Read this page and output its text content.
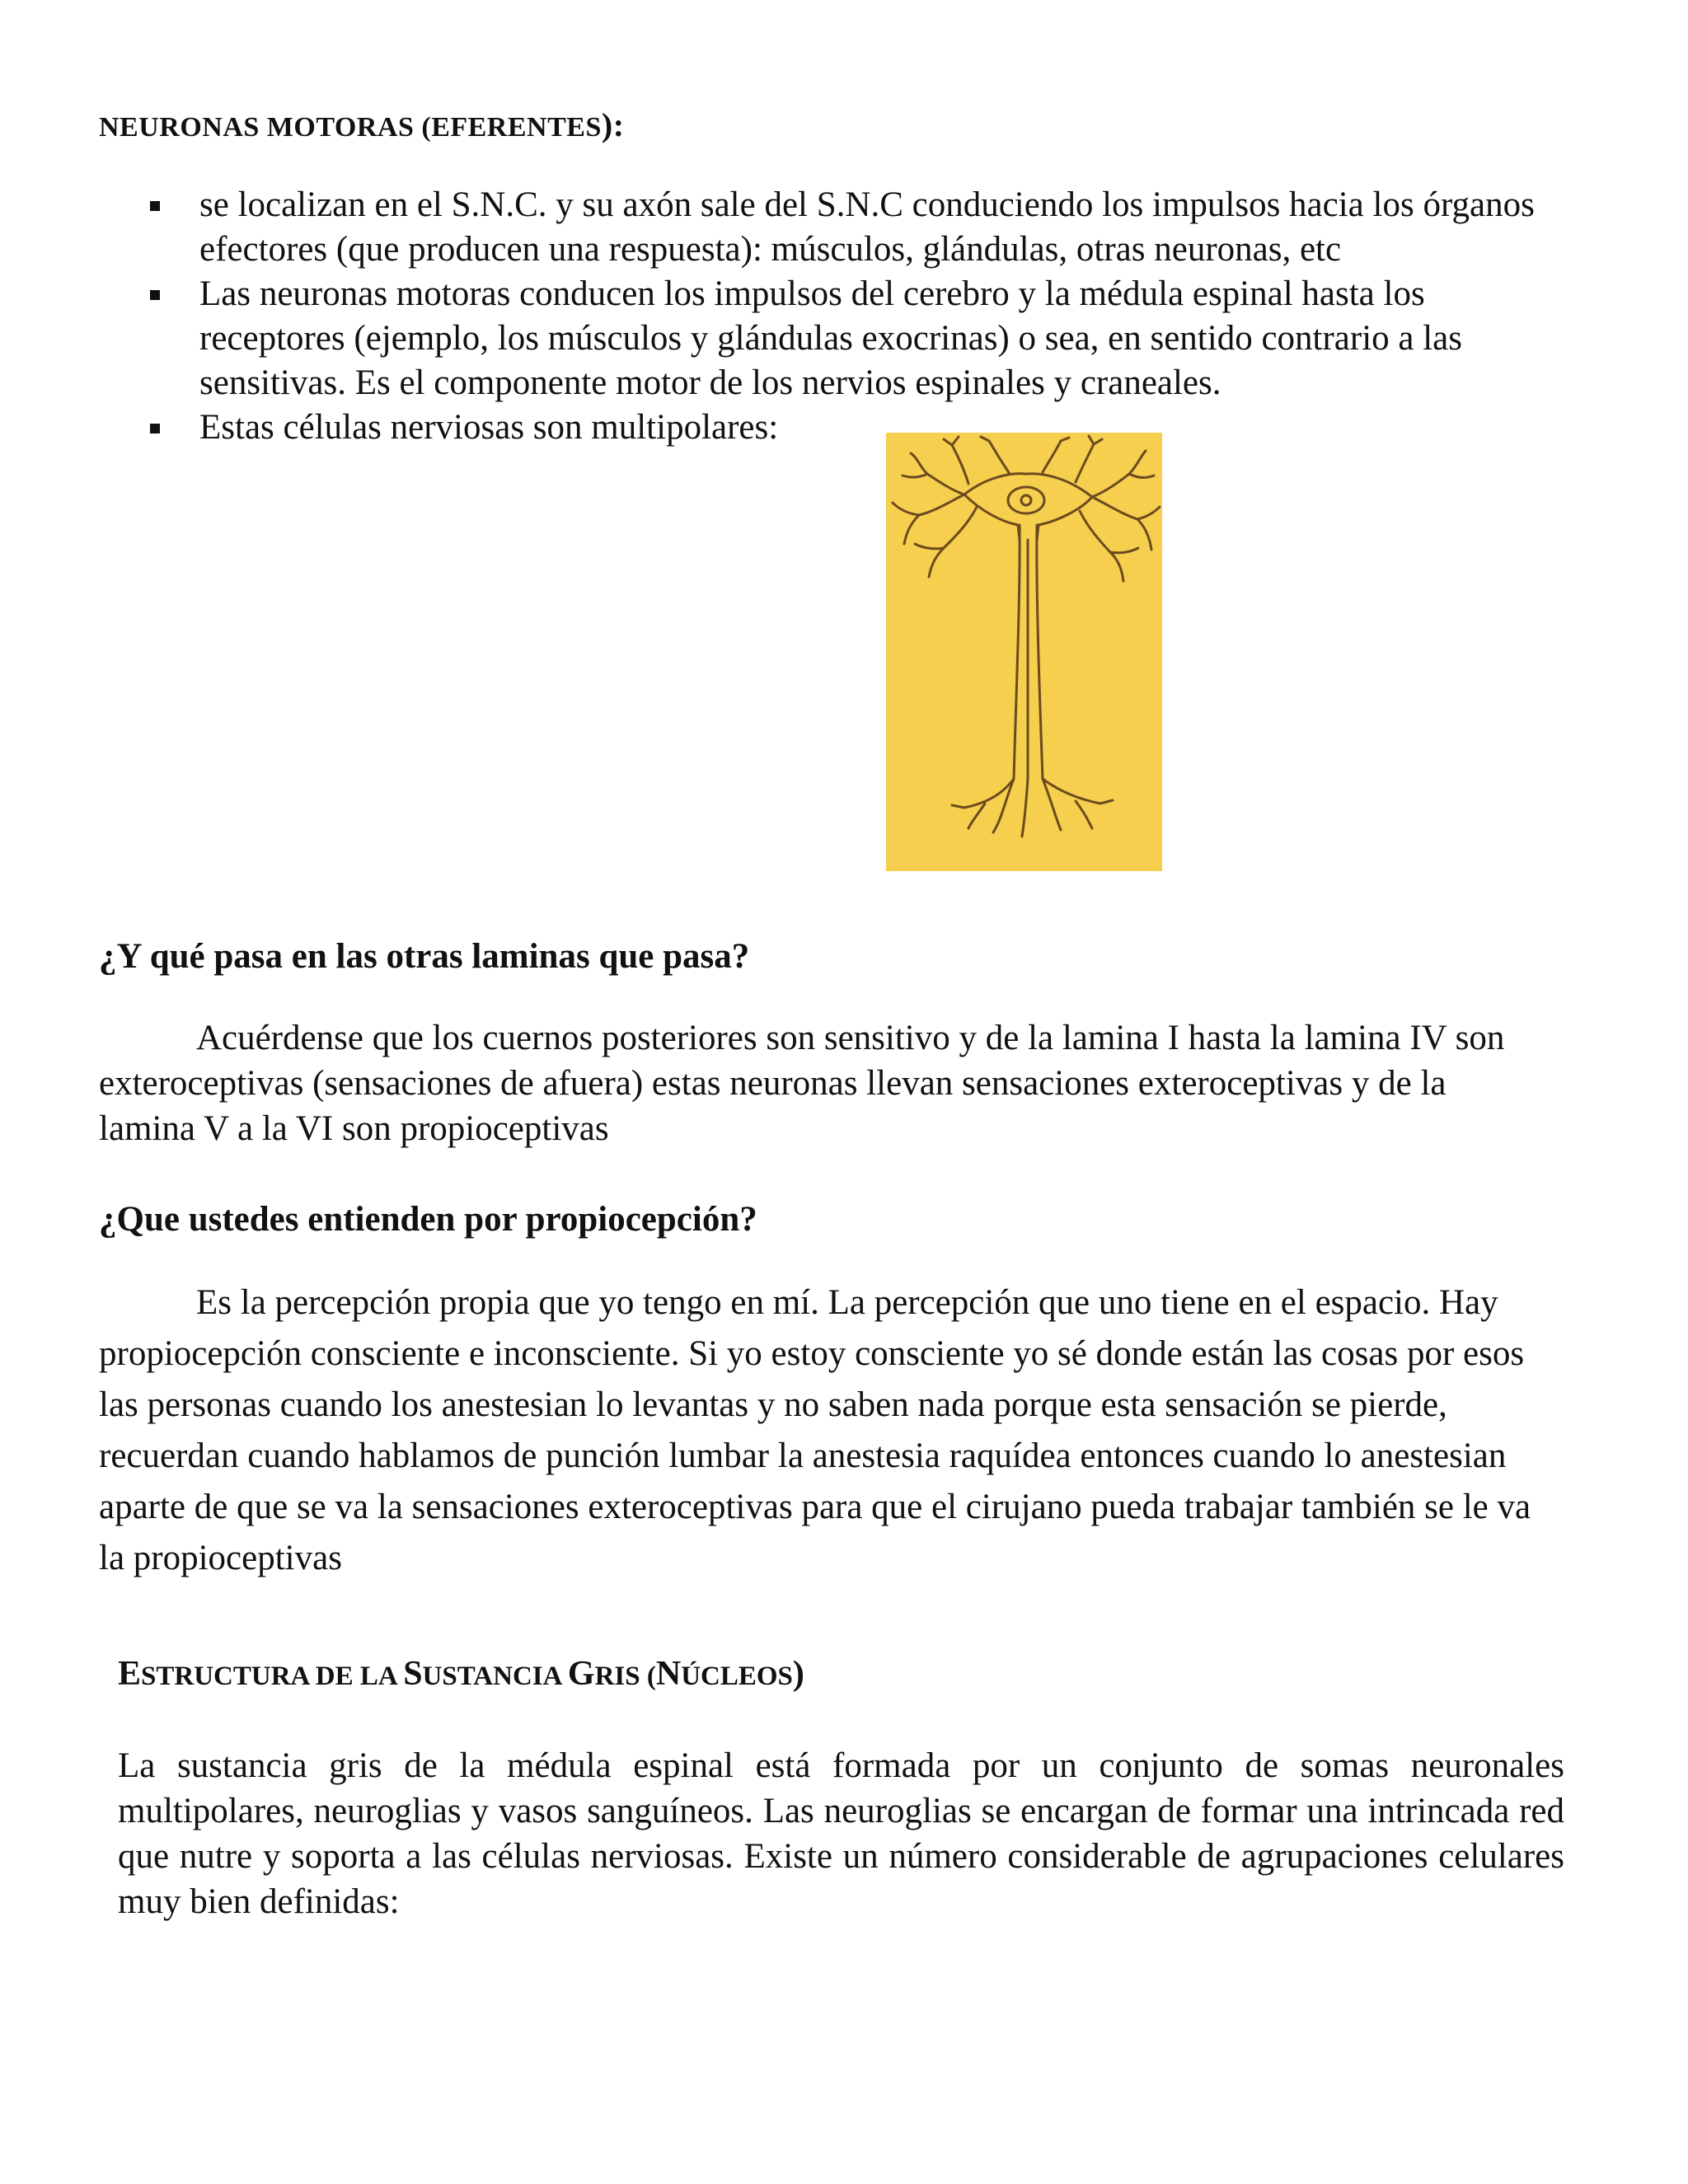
NEURONAS MOTORAS (EFERENTES):
se localizan en el S.N.C. y su axón sale del S.N.C conduciendo los impulsos hacia los órganos efectores (que producen una respuesta): músculos, glándulas, otras neuronas, etc
Las neuronas motoras conducen los impulsos del cerebro y la médula espinal hasta los receptores (ejemplo, los músculos y glándulas exocrinas) o sea, en sentido contrario a las sensitivas. Es el componente motor de los nervios espinales y craneales.
Estas células nerviosas son multipolares:
¿Y qué pasa en las otras laminas que pasa?

Acuérdense que los cuernos posteriores son sensitivo y de la lamina I hasta la lamina IV son exteroceptivas (sensaciones de afuera) estas neuronas llevan sensaciones exteroceptivas y de la lamina V a la VI son propioceptivas

¿Que ustedes entienden por propiocepción?

Es la percepción propia que yo tengo en mí. La percepción que uno tiene en el espacio. Hay propiocepción consciente e inconsciente. Si yo estoy consciente yo sé donde están las cosas por esos las personas cuando los anestesian lo levantas y no saben nada porque esta sensación se pierde, recuerdan cuando hablamos de punción lumbar la anestesia raquídea entonces cuando lo anestesian aparte de que se va la sensaciones exteroceptivas para que el cirujano pueda trabajar también se le va la propioceptivas

ESTRUCTURA DE LA SUSTANCIA GRIS (NÚCLEOS)

La sustancia gris de la médula espinal está formada por un conjunto de somas neuronales multipolares, neuroglias y vasos sanguíneos. Las neuroglias se encargan de formar una intrincada red que nutre y soporta a las células nerviosas. Existe un número considerable de agrupaciones celulares muy bien definidas:
